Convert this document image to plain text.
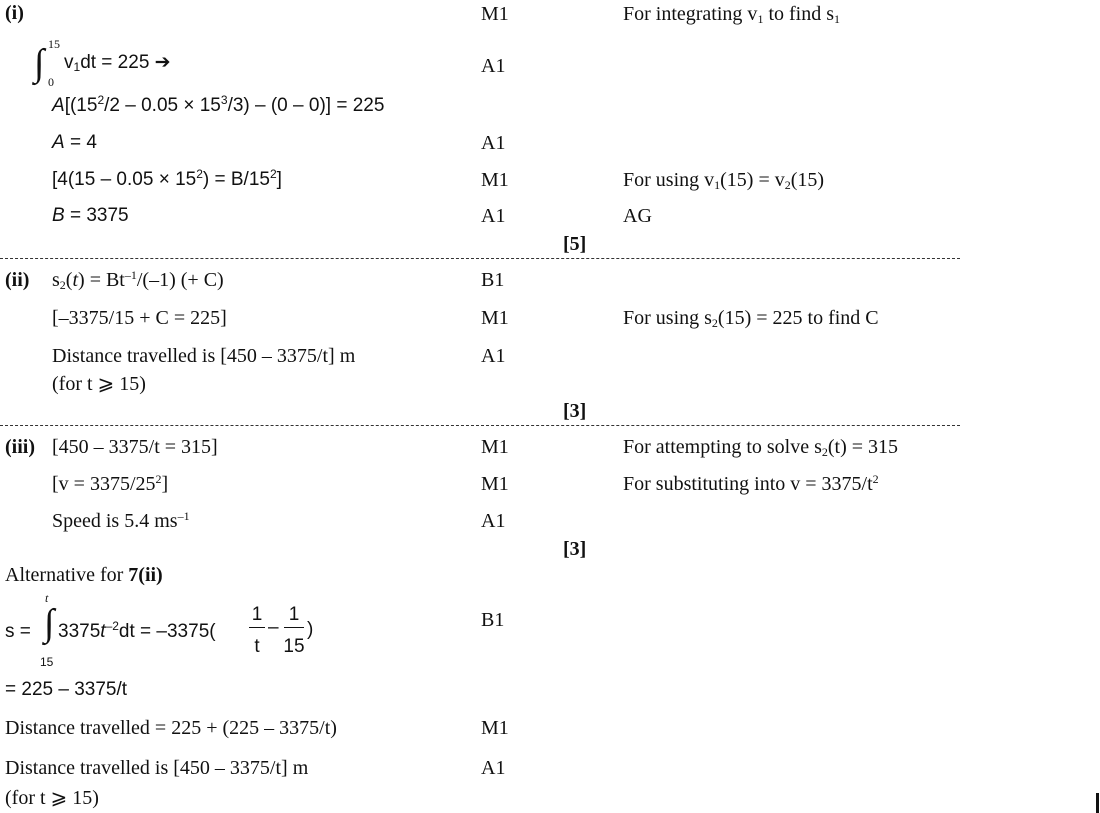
(i)
∫ 15
0
$v_1dt = 225$ ➔
$A[(15^2/2 - 0.05 \times 15^3/3) - (0 - 0)] = 225$
A = 4
$[4(15 - 0.05 \times 15^2) = B/15^2]$
B = 3375
M1
A1
A1
M1
A1
For integrating $v_1$ to find $s_1$
For using $v_1(15) = v_2(15)$
AG
[5]
(ii) $s_2(t) = Bt^{-1}/(-1)$ (+ C)
[–3375/15 + C = 225]
Distance travelled is [450 – 3375/t] m
(for t ⩾ 15)
B1
M1
A1
For using $s_2(15) = 225$ to find C
[3]
(iii) [450 – 3375/t = 315]
$[v = 3375/25^2]$
Speed is 5.4 $ms^{-1}$
M1
M1
A1
For attempting to solve $s_2(t) = 315$
For substituting into $v = 3375/t^2$
[3]
Alternative for 7(ii)
s =
t
∫
15
$3375t^{-2}dt = -3375$(
1
t
–
1
15
)
= 225 – 3375/t
Distance travelled = 225 + (225 – 3375/t)
Distance travelled is [450 – 3375/t] m
(for t ⩾ 15)
B1
M1
A1
